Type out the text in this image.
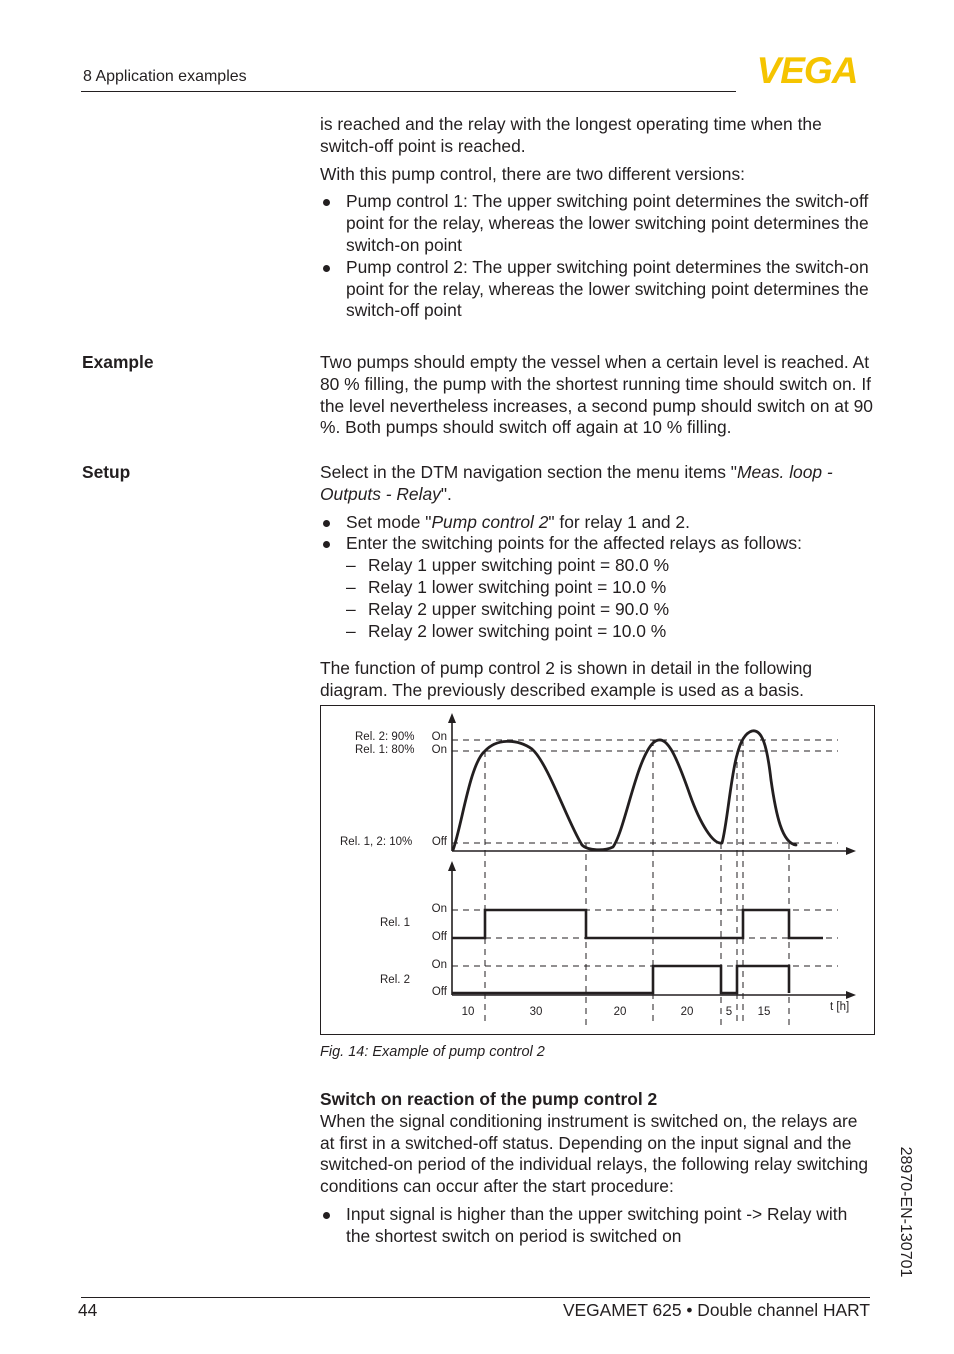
8 Application examples	VEGA
is reached and the relay with the longest operating time when the switch-off point is reached.
With this pump control, there are two different versions:
Pump control 1: The upper switching point determines the switch-off point for the relay, whereas the lower switching point determines the switch-on point
Pump control 2: The upper switching point determines the switch-on point for the relay, whereas the lower switching point determines the switch-off point
Example	Two pumps should empty the vessel when a certain level is reached. At 80 % filling, the pump with the shortest running time should switch on. If the level nevertheless increases, a second pump should switch on at 90 %. Both pumps should switch off again at 10 % filling.
Setup	Select in the DTM navigation section the menu items "Meas. loop - Outputs - Relay".
Set mode "Pump control 2" for relay 1 and 2.
Enter the switching points for the affected relays as follows:
– Relay 1 upper switching point = 80.0 %
– Relay 1 lower switching point = 10.0 %
– Relay 2 upper switching point = 90.0 %
– Relay 2 lower switching point = 10.0 %
The function of pump control 2 is shown in detail in the following diagram. The previously described example is used as a basis.
Rel. 2: 90%
Rel. 1: 80%
Rel. 1, 2: 10%
On
On
Off
On
Off
On
Off
Rel. 1
Rel. 2
t [h]
10	30	20	20	5 15
Fig. 14: Example of pump control 2
Switch on reaction of the pump control 2
When the signal conditioning instrument is switched on, the relays are at first in a switched-off status. Depending on the input signal and the switched-on period of the individual relays, the following relay switching conditions can occur after the start procedure:
Input signal is higher than the upper switching point -> Relay with the shortest switch on period is switched on	28970-EN-130701
44	VEGAMET 625 • Double channel HART
